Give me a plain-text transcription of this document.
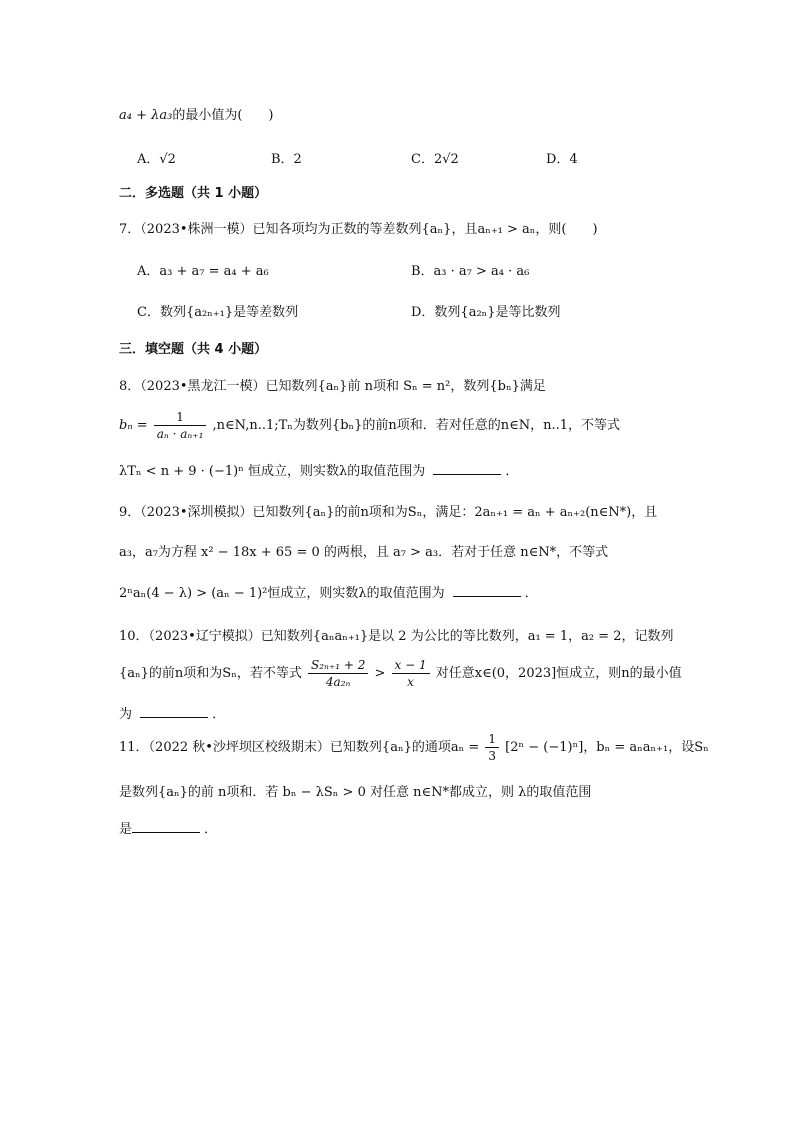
a₄ + λa₃的最小值为(　　)
A．√2	B．2	C．2√2	D．4
二．多选题（共 1 小题）
7．（2023•株洲一模）已知各项均为正数的等差数列{aₙ}，且aₙ₊₁ > aₙ，则(　　)
A．a₃ + a₇ = a₄ + a₆	B．a₃ · a₇ > a₄ · a₆
C．数列{a₂ₙ₊₁}是等差数列	D．数列{a₂ₙ}是等比数列
三．填空题（共 4 小题）
8．（2023•黑龙江一模）已知数列{aₙ}前 n项和 Sₙ = n²，数列{bₙ}满足
$b_n = \frac{1}{\text{aₙ · aₙ₊₁}}$ ,n∈N,n..1;Tₙ为数列{bₙ}的前n项和．若对任意的n∈N，n..1，不等式
λTₙ < n + 9 · (−1)ⁿ 恒成立，则实数λ的取值范围为	．
9．（2023•深圳模拟）已知数列{aₙ}的前n项和为Sₙ，满足：2aₙ₊₁ = aₙ + aₙ₊₂(n∈N*)，且
a₃，a₇为方程 x² − 18x + 65 = 0 的两根，且 a₇ > a₃．若对于任意 n∈N*，不等式
2ⁿaₙ(4 − λ) > (aₙ − 1)²恒成立，则实数λ的取值范围为	．
10．（2023•辽宁模拟）已知数列{aₙaₙ₊₁}是以 2 为公比的等比数列，a₁ = 1，a₂ = 2，记数列
{aₙ}的前n项和为Sₙ，若不等式 $\frac{\text{S₂ₙ₊₁ + 2}}{\text{4a₂ₙ}} > \frac{x - 1}{x}$ 对任意x∈(0，2023]恒成立，则n的最小值
为	．
11．（2022 秋•沙坪坝区校级期末）已知数列{aₙ}的通项$a_n = \frac{1}{3} [2^n - (-1)^n]$，bₙ = aₙaₙ₊₁，设Sₙ
是数列{aₙ}的前 n项和．若 bₙ − λSₙ > 0 对任意 n∈N*都成立，则 λ的取值范围
是	．
